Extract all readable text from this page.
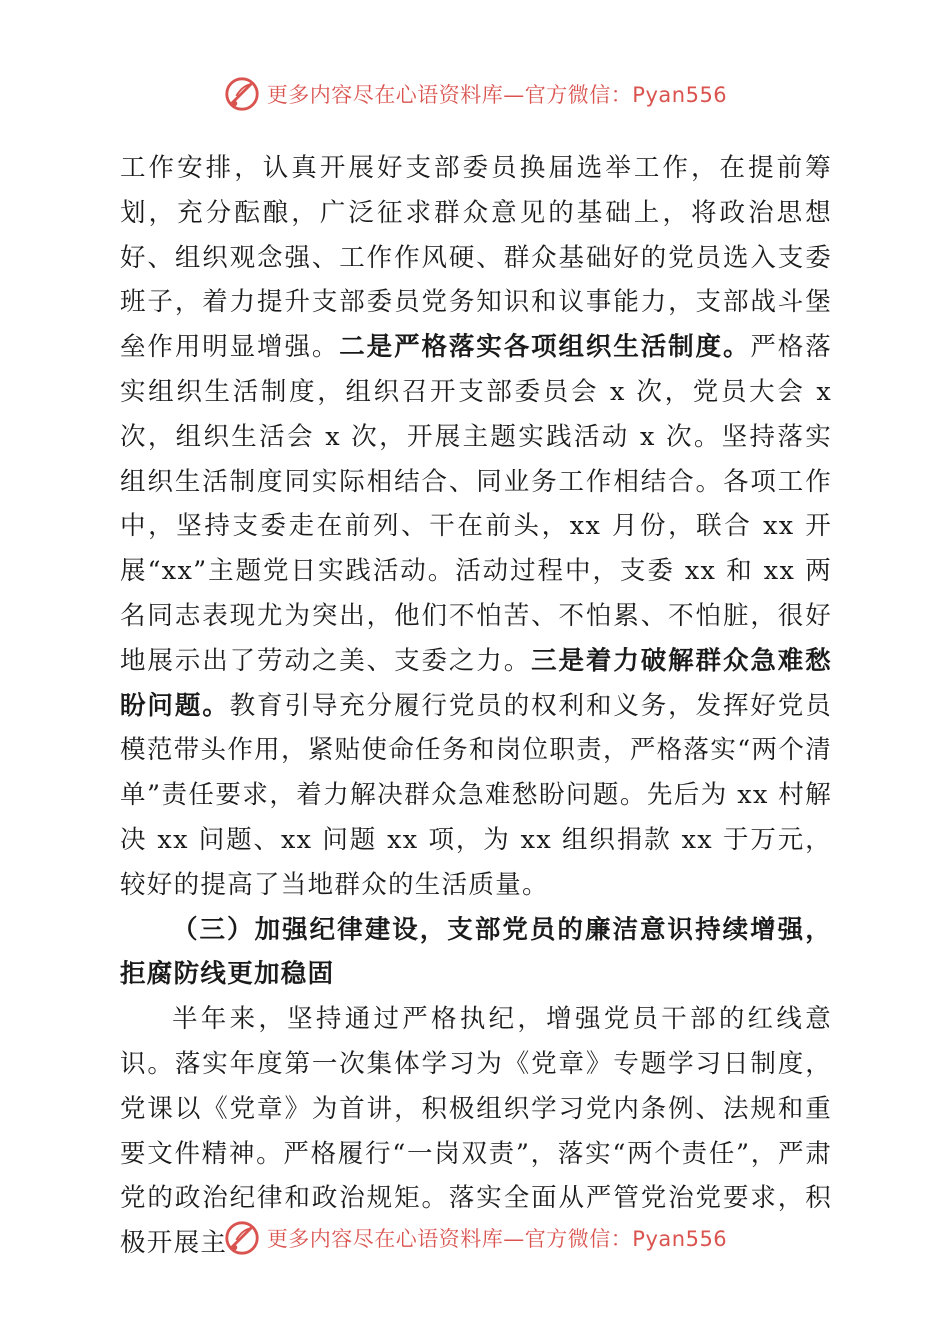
更多内容尽在心语资料库—官方微信：Pyan556

工作安排，认真开展好支部委员换届选举工作，在提前筹划，充分酝酿，广泛征求群众意见的基础上，将政治思想好、组织观念强、工作作风硬、群众基础好的党员选入支委班子，着力提升支部委员党务知识和议事能力，支部战斗堡垒作用明显增强。二是严格落实各项组织生活制度。严格落实组织生活制度，组织召开支部委员会 x 次，党员大会 x 次，组织生活会 x 次，开展主题实践活动 x 次。坚持落实组织生活制度同实际相结合、同业务工作相结合。各项工作中，坚持支委走在前列、干在前头，xx 月份，联合 xx 开展“xx”主题党日实践活动。活动过程中，支委 xx 和 xx 两名同志表现尤为突出，他们不怕苦、不怕累、不怕脏，很好地展示出了劳动之美、支委之力。三是着力破解群众急难愁盼问题。教育引导充分履行党员的权利和义务，发挥好党员模范带头作用，紧贴使命任务和岗位职责，严格落实“两个清单”责任要求，着力解决群众急难愁盼问题。先后为 xx 村解决 xx 问题、xx 问题 xx 项，为 xx 组织捐款 xx 于万元，较好的提高了当地群众的生活质量。

（三）加强纪律建设，支部党员的廉洁意识持续增强，拒腐防线更加稳固

半年来，坚持通过严格执纪，增强党员干部的红线意识。落实年度第一次集体学习为《党章》专题学习日制度，党课以《党章》为首讲，积极组织学习党内条例、法规和重要文件精神。严格履行“一岗双责”，落实“两个责任”，严肃党的政治纪律和政治规矩。落实全面从严管党治党要求，积极开展主	更多内容尽在心语资料库—官方微信：Pyan556
